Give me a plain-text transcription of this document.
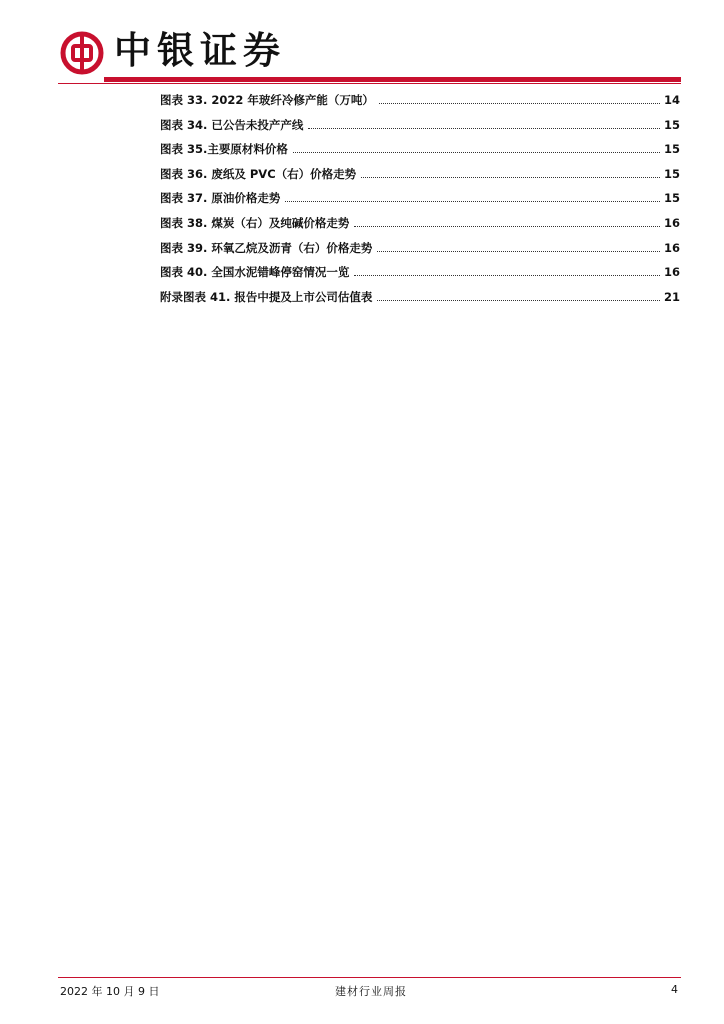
中银证券
图表 33. 2022 年玻纤冷修产能（万吨）	14
图表 34. 已公告未投产产线	15
图表 35.主要原材料价格	15
图表 36. 废纸及 PVC（右）价格走势	15
图表 37. 原油价格走势	15
图表 38. 煤炭（右）及纯碱价格走势	16
图表 39. 环氧乙烷及沥青（右）价格走势	16
图表 40. 全国水泥错峰停窑情况一览	16
附录图表 41. 报告中提及上市公司估值表	21
2022 年 10 月 9 日	建材行业周报	4
